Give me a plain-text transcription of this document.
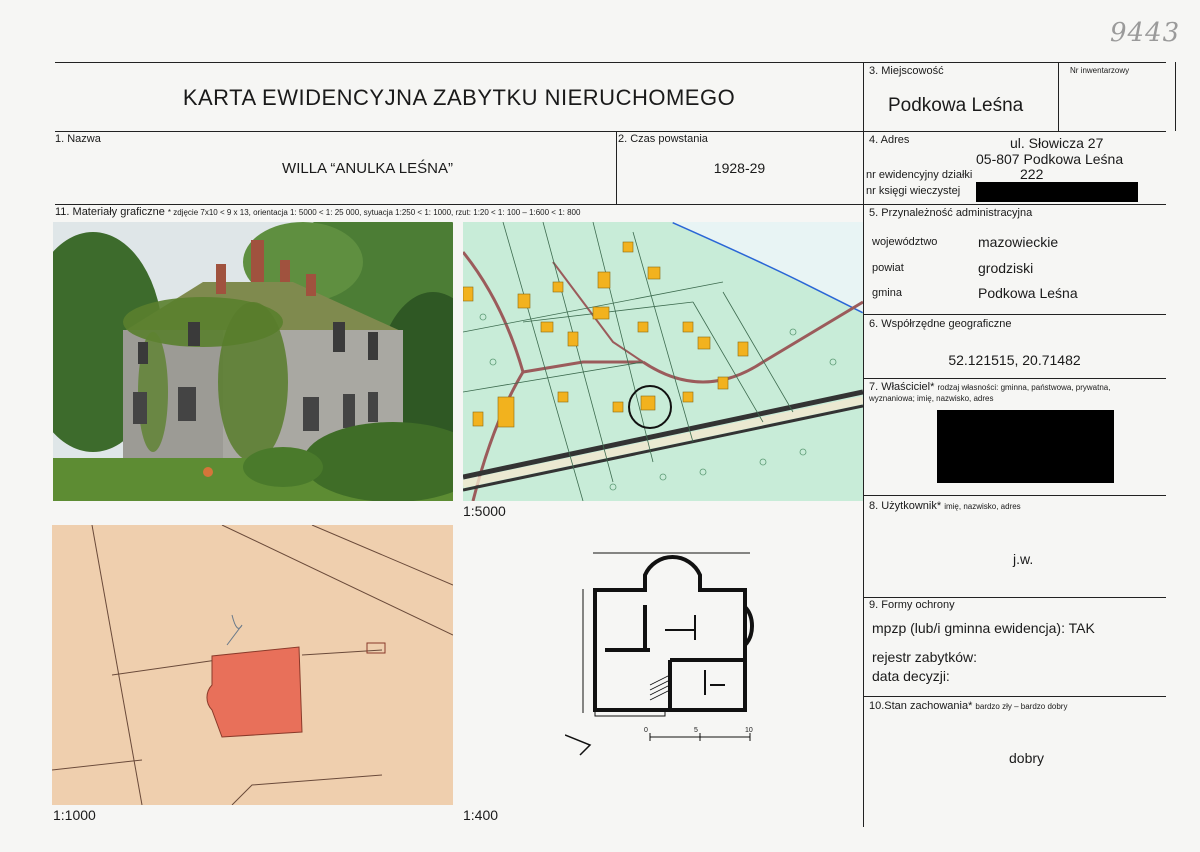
9443
KARTA EWIDENCYJNA ZABYTKU NIERUCHOMEGO
3. Miejscowość
Podkowa Leśna
Nr inwentarzowy
1. Nazwa
WILLA “ANULKA LEŚNA”
2. Czas powstania
1928-29
4. Adres	ul. Słowicza 27
05-807 Podkowa Leśna
nr ewidencyjny działki	222
nr księgi wieczystej
11. Materiały graficzne * zdjęcie 7x10 < 9 x 13, orientacja 1: 5000 < 1: 25 000, sytuacja 1:250 < 1: 1000, rzut: 1:20 < 1: 100 – 1:600 < 1: 800	5. Przynależność administracyjna
województwo	mazowieckie
powiat	grodziski
gmina	Podkowa Leśna
6. Współrzędne geograficzne
52.121515, 20.71482
7. Właściciel* rodzaj własności: gminna, państwowa, prywatna,
wyznaniowa; imię, nazwisko, adres
8. Użytkownik* imię, nazwisko, adres
j.w.
9. Formy ochrony
mpzp (lub/i gminna ewidencja): TAK
rejestr zabytków:
data decyzji:
10.Stan zachowania* bardzo zły – bardzo dobry
dobry
1:5000
1:1000
0	5	10
1:400
